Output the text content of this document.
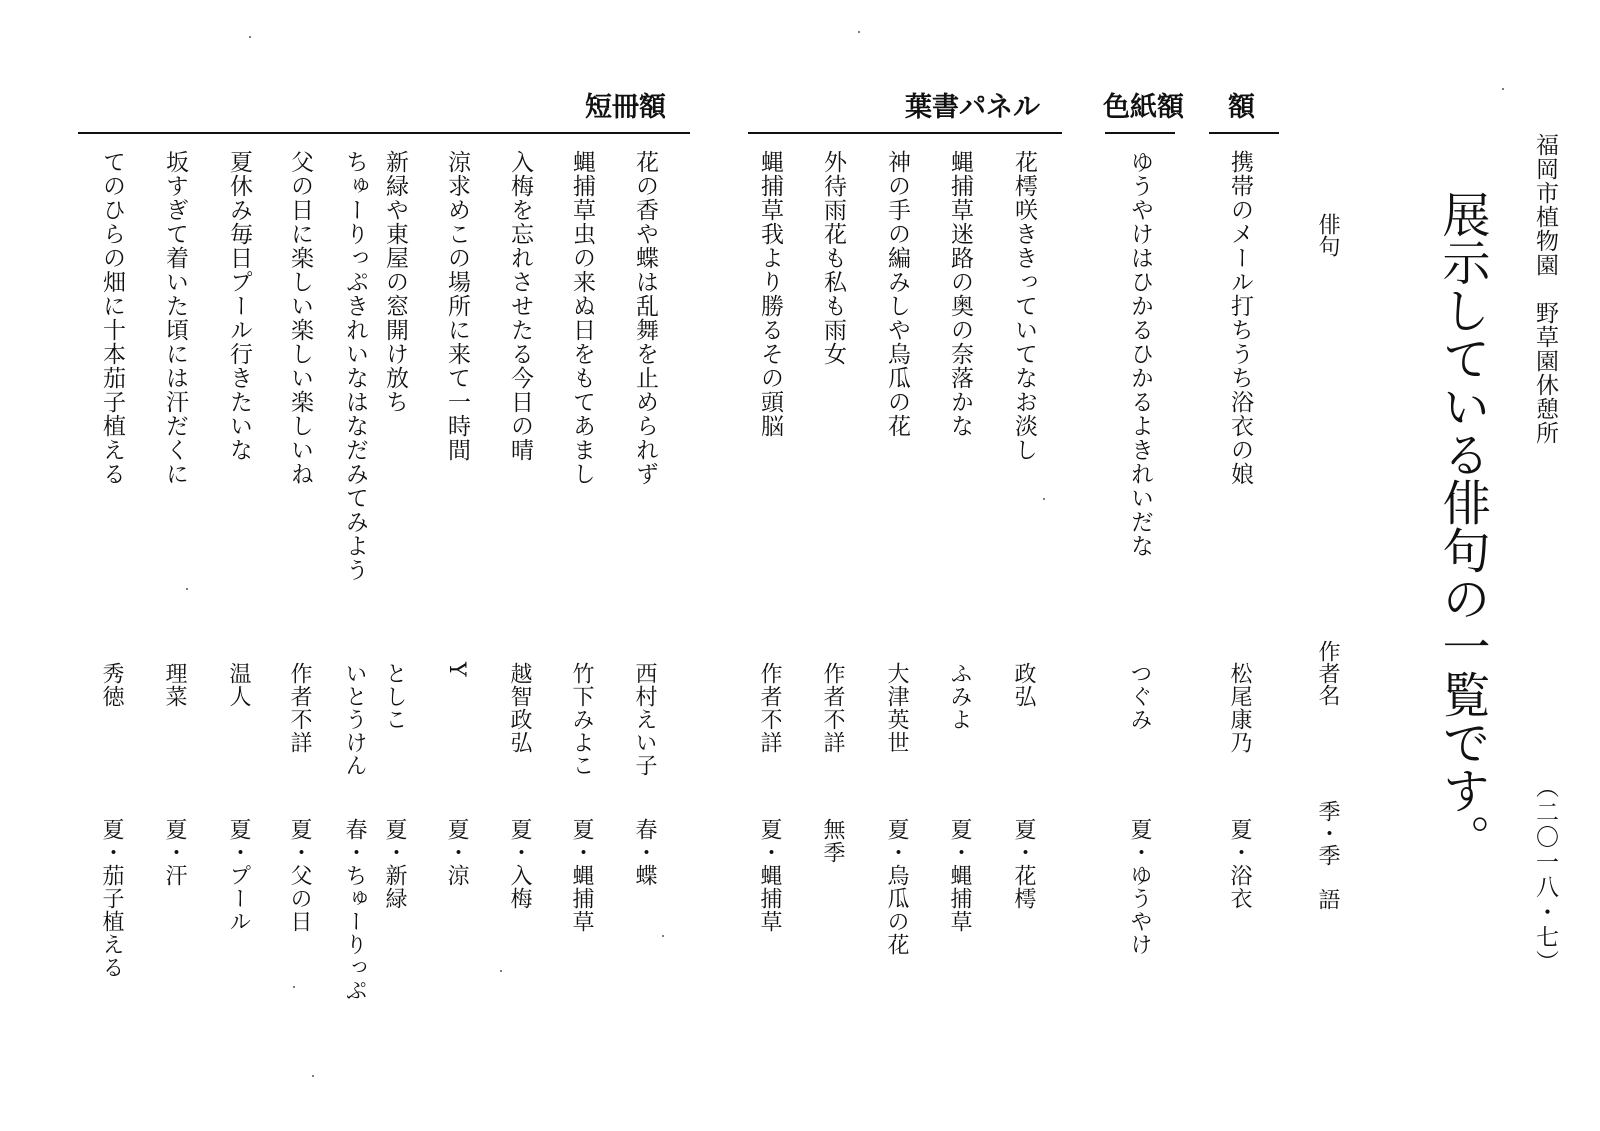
福岡市植物園　野草園休憩所
（二〇一八・七）
展示している俳句の一覧です。
俳句
作者名
季・季　語
額
色紙額
葉書パネル
短冊額
携帯のメール打ちうち浴衣の娘
松尾康乃
夏・浴衣
ゆうやけはひかるひかるよきれいだな
つぐみ
夏・ゆうやけ
花樗咲ききっていてなお淡し
政弘
夏・花樗
蝿捕草迷路の奥の奈落かな
ふみよ
夏・蝿捕草
神の手の編みしや烏瓜の花
大津英世
夏・烏瓜の花
外待雨花も私も雨女
作者不詳
無季
蝿捕草我より勝るその頭脳
作者不詳
夏・蝿捕草
花の香や蝶は乱舞を止められず
西村えい子
春・蝶
蝿捕草虫の来ぬ日をもてあまし
竹下みよこ
夏・蝿捕草
入梅を忘れさせたる今日の晴
越智政弘
夏・入梅
涼求めこの場所に来て一時間
Y
夏・涼
新緑や東屋の窓開け放ち
としこ
夏・新緑
ちゅーりっぷきれいなはなだみてみよう
いとうけん
春・ちゅーりっぷ
父の日に楽しい楽しい楽しいね
作者不詳
夏・父の日
夏休み毎日プール行きたいな
温人
夏・プール
坂すぎて着いた頃には汗だくに
理菜
夏・汗
てのひらの畑に十本茄子植える
秀徳
夏・茄子植える
